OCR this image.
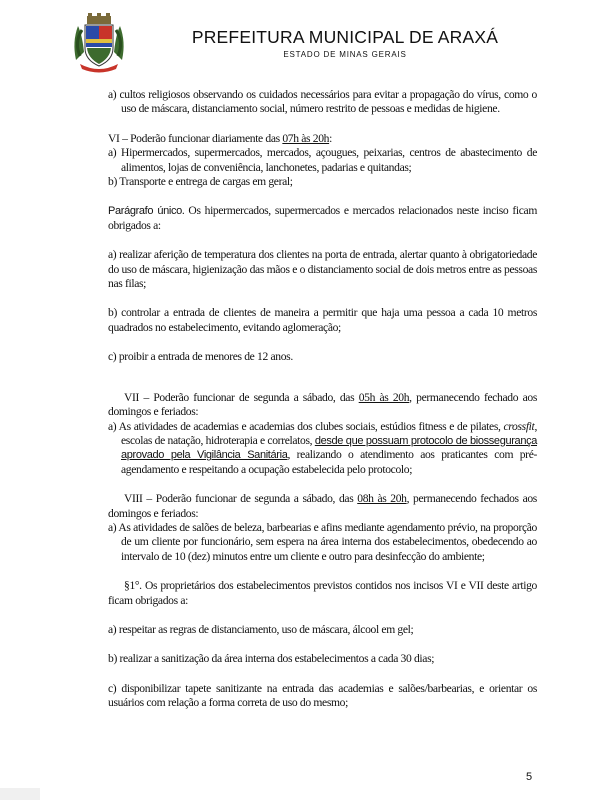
PREFEITURA MUNICIPAL DE ARAXÁ
ESTADO DE MINAS GERAIS

a) cultos religiosos observando os cuidados necessários para evitar a propagação do vírus, como o uso de máscara, distanciamento social, número restrito de pessoas e medidas de higiene.

VI – Poderão funcionar diariamente das 07h às 20h:

a) Hipermercados, supermercados, mercados, açougues, peixarias, centros de abastecimento de alimentos, lojas de conveniência, lanchonetes, padarias e quitandas;

b) Transporte e entrega de cargas em geral;

Parágrafo único. Os hipermercados, supermercados e mercados relacionados neste inciso ficam obrigados a:

a) realizar aferição de temperatura dos clientes na porta de entrada, alertar quanto à obrigatoriedade do uso de máscara, higienização das mãos e o distanciamento social de dois metros entre as pessoas nas filas;

b) controlar a entrada de clientes de maneira a permitir que haja uma pessoa a cada 10 metros quadrados no estabelecimento, evitando aglomeração;

c) proibir a entrada de menores de 12 anos.

VII – Poderão funcionar de segunda a sábado, das 05h às 20h, permanecendo fechado aos domingos e feriados:

a) As atividades de academias e academias dos clubes sociais, estúdios fitness e de pilates, crossfit, escolas de natação, hidroterapia e correlatos, desde que possuam protocolo de biossegurança aprovado pela Vigilância Sanitária, realizando o atendimento aos praticantes com pré-agendamento e respeitando a ocupação estabelecida pelo protocolo;

VIII – Poderão funcionar de segunda a sábado, das 08h às 20h, permanecendo fechados aos domingos e feriados:

a) As atividades de salões de beleza, barbearias e afins mediante agendamento prévio, na proporção de um cliente por funcionário, sem espera na área interna dos estabelecimentos, obedecendo ao intervalo de 10 (dez) minutos entre um cliente e outro para desinfecção do ambiente;

§1°. Os proprietários dos estabelecimentos previstos contidos nos incisos VI e VII deste artigo ficam obrigados a:

a) respeitar as regras de distanciamento, uso de máscara, álcool em gel;

b) realizar a sanitização da área interna dos estabelecimentos a cada 30 dias;

c) disponibilizar tapete sanitizante na entrada das academias e salões/barbearias, e orientar os usuários com relação a forma correta de uso do mesmo;

5
